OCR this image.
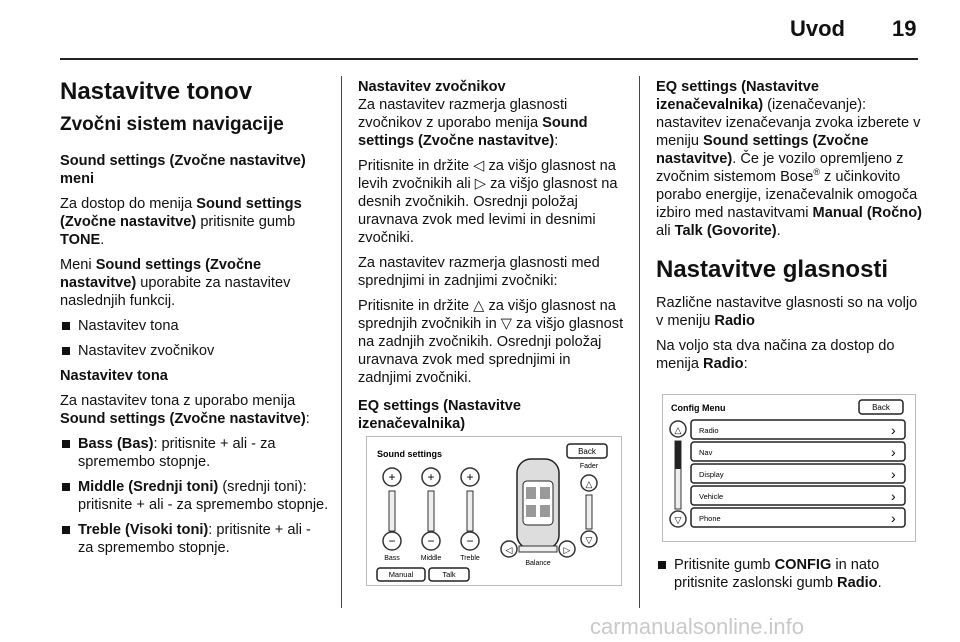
Uvod 19
Nastavitve tonov
Zvočni sistem navigacije

Sound settings (Zvočne nastavitve) meni

Za dostop do menija Sound settings (Zvočne nastavitve) pritisnite gumb TONE.

Meni Sound settings (Zvočne nastavitve) uporabite za nastavitev naslednjih funkcij.

Nastavitev tona

Nastavitev zvočnikov

Nastavitev tona

Za nastavitev tona z uporabo menija Sound settings (Zvočne nastavitve):

Bass (Bas): pritisnite + ali - za spremembo stopnje.

Middle (Srednji toni) (srednji toni): pritisnite + ali - za spremembo stopnje.

Treble (Visoki toni): pritisnite + ali - za spremembo stopnje.

Nastavitev zvočnikov

Za nastavitev razmerja glasnosti zvočnikov z uporabo menija Sound settings (Zvočne nastavitve):

Pritisnite in držite ◁ za višjo glasnost na levih zvočnikih ali ▷ za višjo glasnost na desnih zvočnikih. Osrednji položaj uravnava zvok med levimi in desnimi zvočniki.

Za nastavitev razmerja glasnosti med sprednjimi in zadnjimi zvočniki:

Pritisnite in držite △ za višjo glasnost na sprednjih zvočnikih in ▽ za višjo glasnost na zadnjih zvočnikih. Osrednji položaj uravnava zvok med sprednjimi in zadnjimi zvočniki.

EQ settings (Nastavitve izenačevalnika)

Sound settings	Back
Fader
+
−
+
−
+
−
Bass	Middle	Treble
△
▽
◁	▷
Balance
Manual	Talk

EQ settings (Nastavitve izenačevalnika) (izenačevanje): nastavitev izenačevanja zvoka izberete v meniju Sound settings (Zvočne nastavitve). Če je vozilo opremljeno z zvočnim sistemom Bose® z učinkovito porabo energije, izenačevalnik omogoča izbiro med nastavitvami Manual (Ročno) ali Talk (Govorite).

Nastavitve glasnosti

Različne nastavitve glasnosti so na voljo v meniju Radio

Na voljo sta dva načina za dostop do menija Radio:

Config Menu	Back
△
▽
Radio	›
Nav	›
Display	›
Vehicle	›
Phone	›

Pritisnite gumb CONFIG in nato pritisnite zaslonski gumb Radio.

carmanualsonline.info
